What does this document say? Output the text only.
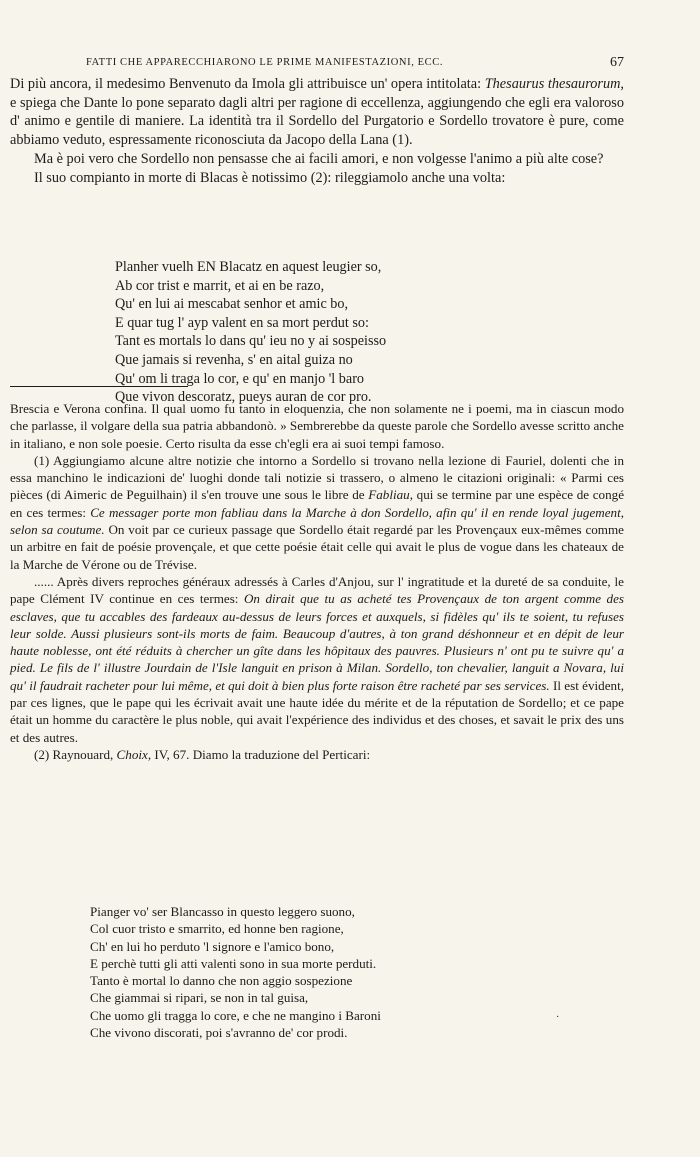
FATTI CHE APPARECCHIARONO LE PRIME MANIFESTAZIONI, ECC.	67

Di più ancora, il medesimo Benvenuto da Imola gli attribuisce un' opera intitolata: Thesaurus thesaurorum, e spiega che Dante lo pone separato dagli altri per ragione di eccellenza, aggiungendo che egli era valoroso d' animo e gentile di maniere. La identità tra il Sordello del Purgatorio e Sordello trovatore è pure, come abbiamo veduto, espressamente riconosciuta da Jacopo della Lana (1).

Ma è poi vero che Sordello non pensasse che ai facili amori, e non volgesse l'animo a più alte cose?

Il suo compianto in morte di Blacas è notissimo (2): rileggiamolo anche una volta:

Planher vuelh EN Blacatz en aquest leugier so,
Ab cor trist e marrit, et ai en be razo,
Qu' en lui ai mescabat senhor et amic bo,
E quar tug l' ayp valent en sa mort perdut so:
Tant es mortals lo dans qu' ieu no y ai sospeisso
Que jamais si revenha, s' en aital guiza no
Qu' om li traga lo cor, e qu' en manjo 'l baro
Que vivon descoratz, pueys auran de cor pro.

Brescia e Verona confina. Il qual uomo fu tanto in eloquenzia, che non solamente ne i poemi, ma in ciascun modo che parlasse, il volgare della sua patria abbandonò. » Sembrerebbe da queste parole che Sordello avesse scritto anche in italiano, e non sole poesie. Certo risulta da esse ch'egli era ai suoi tempi famoso.

(1) Aggiungiamo alcune altre notizie che intorno a Sordello si trovano nella lezione di Fauriel, dolenti che in essa manchino le indicazioni de' luoghi donde tali notizie si trassero, o almeno le citazioni originali: « Parmi ces pièces (di Aimeric de Peguilhain) il s'en trouve une sous le libre de Fabliau, qui se termine par une espèce de congé en ces termes: Ce messager porte mon fabliau dans la Marche à don Sordello, afin qu' il en rende loyal jugement, selon sa coutume. On voit par ce curieux passage que Sordello était regardé par les Provençaux eux-mêmes comme un arbitre en fait de poésie provençale, et que cette poésie était celle qui avait le plus de vogue dans les chateaux de la Marche de Vérone ou de Trévise.

...... Après divers reproches généraux adressés à Carles d'Anjou, sur l' ingratitude et la dureté de sa conduite, le pape Clément IV continue en ces termes: On dirait que tu as acheté tes Provençaux de ton argent comme des esclaves, que tu accables des fardeaux au-dessus de leurs forces et auxquels, si fidèles qu' ils te soient, tu refuses leur solde. Aussi plusieurs sont-ils morts de faim. Beaucoup d'autres, à ton grand déshonneur et en dépit de leur haute noblesse, ont été réduits à chercher un gîte dans les hôpitaux des pauvres. Plusieurs n' ont pu te suivre qu' a pied. Le fils de l' illustre Jourdain de l'Isle languit en prison à Milan. Sordello, ton chevalier, languit a Novara, lui qu' il faudrait racheter pour lui même, et qui doit à bien plus forte raison être racheté par ses services. Il est évident, par ces lignes, que le pape qui les écrivait avait une haute idée du mérite et de la réputation de Sordello; et ce pape était un homme du caractère le plus noble, qui avait l'expérience des individus et des choses, et savait le prix des uns et des autres.

(2) Raynouard, Choix, IV, 67. Diamo la traduzione del Perticari:

Pianger vo' ser Blancasso in questo leggero suono,
Col cuor tristo e smarrito, ed honne ben ragione,
Ch' en lui ho perduto 'l signore e l'amico bono,
E perchè tutti gli atti valenti sono in sua morte perduti.
Tanto è mortal lo danno che non aggio sospezione
Che giammai si ripari, se non in tal guisa,
Che uomo gli tragga lo core, e che ne mangino i Baroni
Che vivono discorati, poi s'avranno de' cor prodi.
·
